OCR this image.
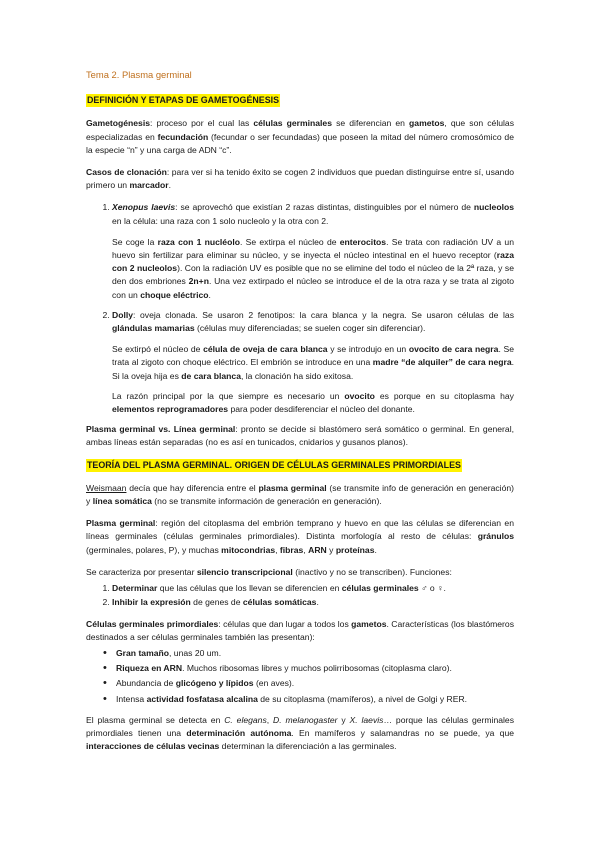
Tema 2. Plasma germinal
DEFINICIÓN Y ETAPAS DE GAMETOGÉNESIS

Gametogénesis: proceso por el cual las células germinales se diferencian en gametos, que son células especializadas en fecundación (fecundar o ser fecundadas) que poseen la mitad del número cromosómico de la especie “n” y una carga de ADN “c”.

Casos de clonación: para ver si ha tenido éxito se cogen 2 individuos que puedan distinguirse entre sí, usando primero un marcador.

1. Xenopus laevis: se aprovechó que existían 2 razas distintas, distinguibles por el número de nucleolos en la célula: una raza con 1 solo nucleolo y la otra con 2.
Se coge la raza con 1 nucléolo. Se extirpa el núcleo de enterocitos. Se trata con radiación UV a un huevo sin fertilizar para eliminar su núcleo, y se inyecta el núcleo intestinal en el huevo receptor (raza con 2 nucleolos). Con la radiación UV es posible que no se elimine del todo el núcleo de la 2ª raza, y se den dos embriones 2n+n. Una vez extirpado el núcleo se introduce el de la otra raza y se trata al zigoto con un choque eléctrico.
2. Dolly: oveja clonada. Se usaron 2 fenotipos: la cara blanca y la negra. Se usaron células de las glándulas mamarias (células muy diferenciadas; se suelen coger sin diferenciar).
Se extirpó el núcleo de célula de oveja de cara blanca y se introdujo en un ovocito de cara negra. Se trata al zigoto con choque eléctrico. El embrión se introduce en una madre “de alquiler” de cara negra. Si la oveja hija es de cara blanca, la clonación ha sido exitosa.
La razón principal por la que siempre es necesario un ovocito es porque en su citoplasma hay elementos reprogramadores para poder desdiferenciar el núcleo del donante.

Plasma germinal vs. Línea germinal: pronto se decide si blastómero será somático o germinal. En general, ambas líneas están separadas (no es así en tunicados, cnidarios y gusanos planos).

TEORÍA DEL PLASMA GERMINAL. ORIGEN DE CÉLULAS GERMINALES PRIMORDIALES

Weismaan decía que hay diferencia entre el plasma germinal (se transmite info de generación en generación) y línea somática (no se transmite información de generación en generación).

Plasma germinal: región del citoplasma del embrión temprano y huevo en que las células se diferencian en líneas germinales (células germinales primordiales). Distinta morfología al resto de células: gránulos (germinales, polares, P), y muchas mitocondrias, fibras, ARN y proteínas.

Se caracteriza por presentar silencio transcripcional (inactivo y no se transcriben). Funciones:

1. Determinar que las células que los llevan se diferencien en células germinales ♂ o ♀.
2. Inhibir la expresión de genes de células somáticas.

Células germinales primordiales: células que dan lugar a todos los gametos. Características (los blastómeros destinados a ser células germinales también las presentan):

• Gran tamaño, unas 20 um.
• Riqueza en ARN. Muchos ribosomas libres y muchos polirribosomas (citoplasma claro).
• Abundancia de glicógeno y lípidos (en aves).
• Intensa actividad fosfatasa alcalina de su citoplasma (mamíferos), a nivel de Golgi y RER.

El plasma germinal se detecta en C. elegans, D. melanogaster y X. laevis… porque las células germinales primordiales tienen una determinación autónoma. En mamíferos y salamandras no se puede, ya que interacciones de células vecinas determinan la diferenciación a las germinales.
